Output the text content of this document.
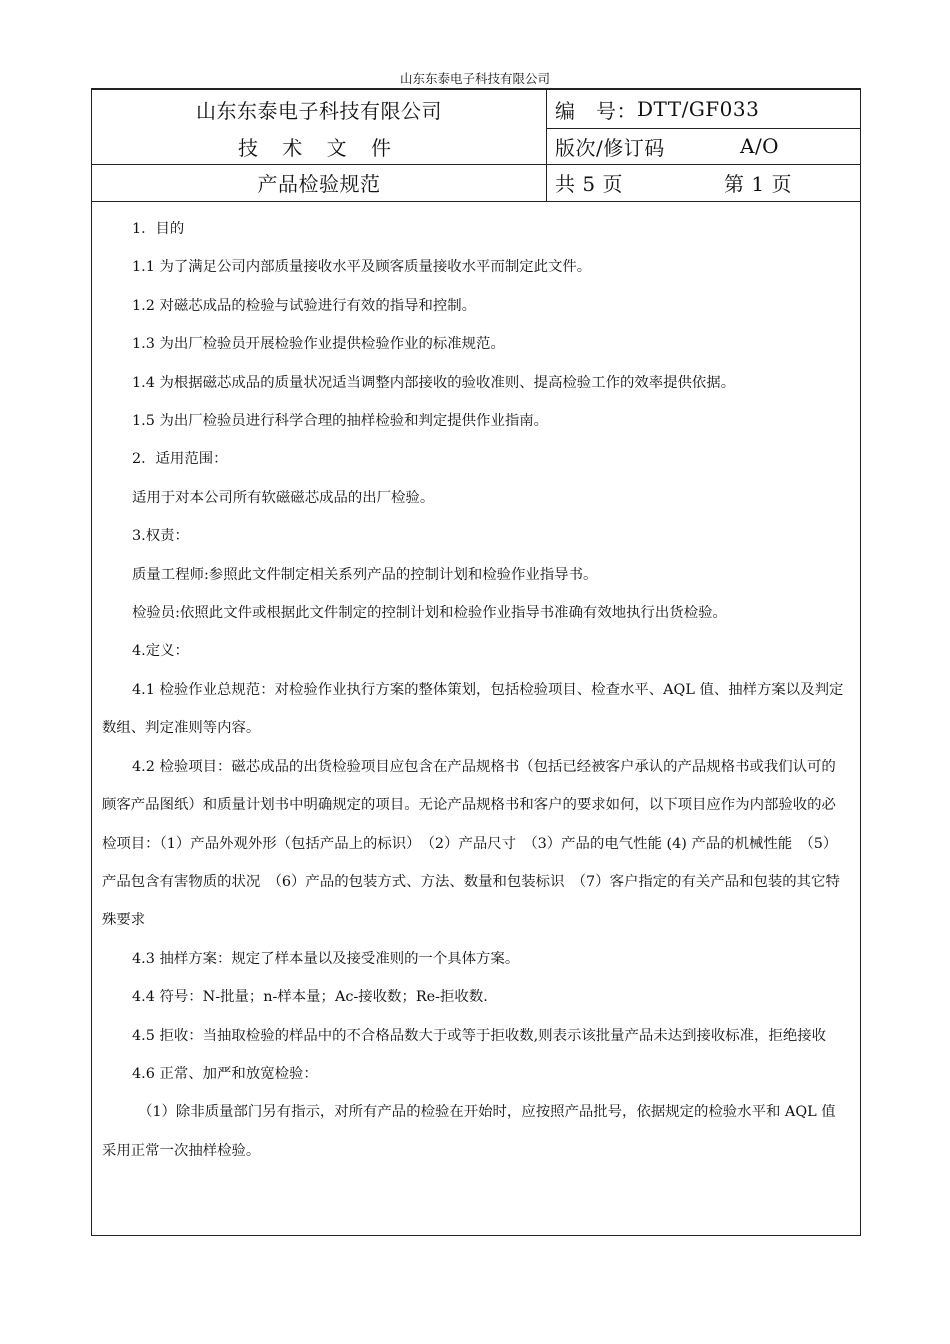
山东东泰电子科技有限公司
山东东泰电子科技有限公司
技 术 文 件
产品检验规范
编　号： DTT/GF033
版次/修订码	A/O
共 5 页	第 1 页

1．目的

1.1 为了满足公司内部质量接收水平及顾客质量接收水平而制定此文件。

1.2 对磁芯成品的检验与试验进行有效的指导和控制。

1.3 为出厂检验员开展检验作业提供检验作业的标准规范。

1.4 为根据磁芯成品的质量状况适当调整内部接收的验收准则、提高检验工作的效率提供依据。

1.5 为出厂检验员进行科学合理的抽样检验和判定提供作业指南。

2．适用范围：

适用于对本公司所有软磁磁芯成品的出厂检验。

3.权责：

质量工程师:参照此文件制定相关系列产品的控制计划和检验作业指导书。

检验员:依照此文件或根据此文件制定的控制计划和检验作业指导书准确有效地执行出货检验。

4.定义：

4.1 检验作业总规范：对检验作业执行方案的整体策划，包括检验项目、检查水平、AQL 值、抽样方案以及判定数组、判定准则等内容。

4.2 检验项目：磁芯成品的出货检验项目应包含在产品规格书（包括已经被客户承认的产品规格书或我们认可的顾客产品图纸）和质量计划书中明确规定的项目。无论产品规格书和客户的要求如何，以下项目应作为内部验收的必检项目：（1）产品外观外形（包括产品上的标识）　（2）产品尺寸　（3）产品的电气性能 (4) 产品的机械性能　（5）产品包含有害物质的状况　（6）产品的包装方式、方法、数量和包装标识　（7）客户指定的有关产品和包装的其它特殊要求

4.3 抽样方案：规定了样本量以及接受准则的一个具体方案。

4.4 符号：N-批量；n-样本量；Ac-接收数；Re-拒收数.

4.5 拒收：当抽取检验的样品中的不合格品数大于或等于拒收数,则表示该批量产品未达到接收标准，拒绝接收

4.6 正常、加严和放宽检验：

（1）除非质量部门另有指示，对所有产品的检验在开始时，应按照产品批号，依据规定的检验水平和 AQL 值采用正常一次抽样检验。
